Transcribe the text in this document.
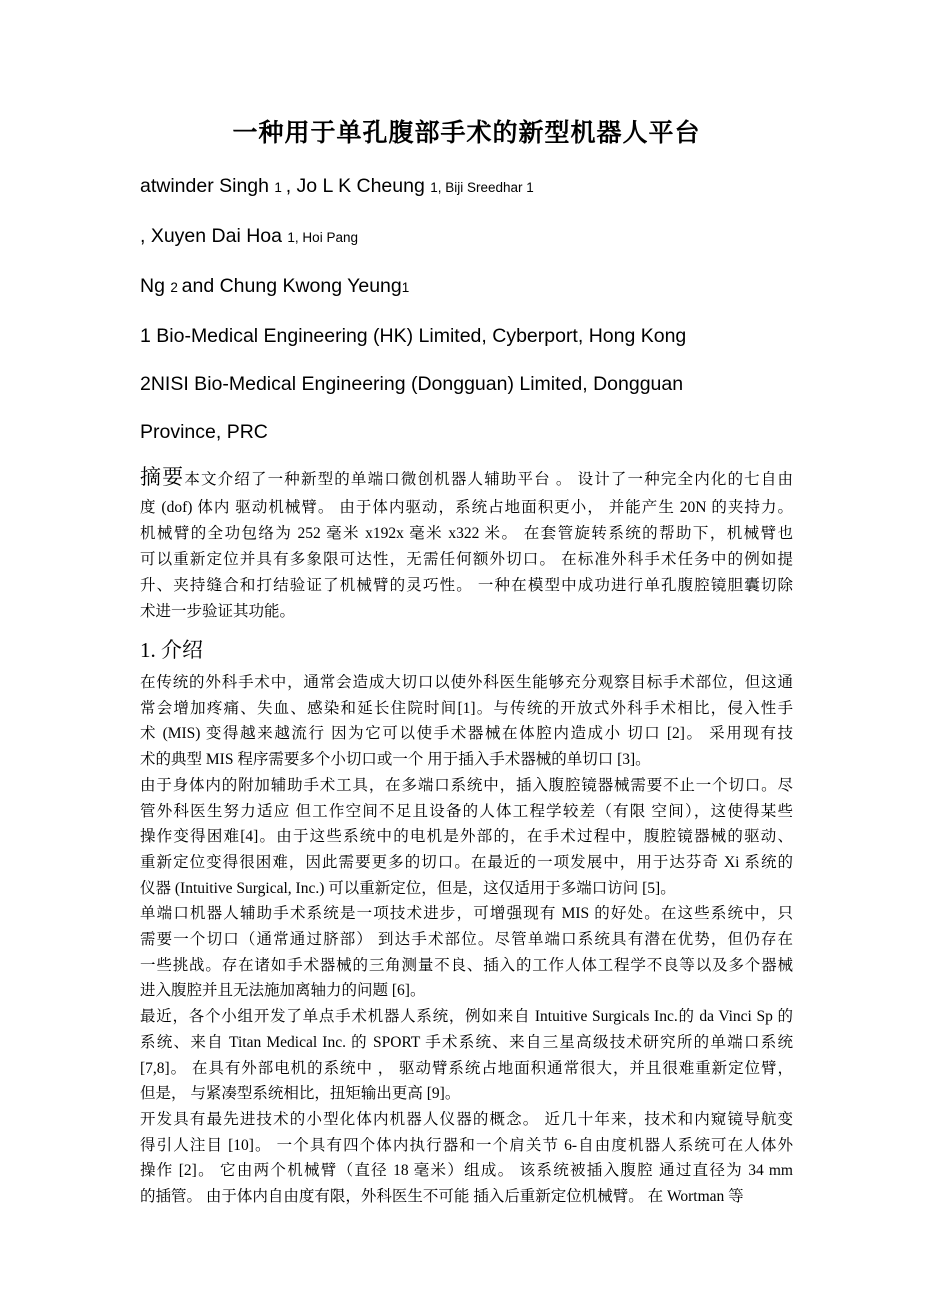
一种用于单孔腹部手术的新型机器人平台
atwinder Singh 1 , Jo L K Cheung 1, Biji Sreedhar 1
, Xuyen Dai Hoa 1, Hoi Pang
Ng 2 and Chung Kwong Yeung1
1 Bio-Medical Engineering (HK) Limited, Cyberport, Hong Kong
2NISI Bio-Medical Engineering (Dongguan) Limited, Dongguan
Province, PRC
摘要本文介绍了一种新型的单端口微创机器人辅助平台 。 设计了一种完全内化的七自由
度 (dof) 体内 驱动机械臂。 由于体内驱动，系统占地面积更小， 并能产生 20N 的夹持力。
机械臂的全功包络为 252 毫米 x192x 毫米 x322 米。 在套管旋转系统的帮助下，机械臂也
可以重新定位并具有多象限可达性，无需任何额外切口。 在标准外科手术任务中的例如提
升、夹持缝合和打结验证了机械臂的灵巧性。 一种在模型中成功进行单孔腹腔镜胆囊切除
术进一步验证其功能。
1. 介绍
在传统的外科手术中，通常会造成大切口以使外科医生能够充分观察目标手术部位，但这通
常会增加疼痛、失血、感染和延长住院时间[1]。与传统的开放式外科手术相比，侵入性手
术 (MIS) 变得越来越流行 因为它可以使手术器械在体腔内造成小 切口 [2]。 采用现有技
术的典型 MIS 程序需要多个小切口或一个 用于插入手术器械的单切口 [3]。
由于身体内的附加辅助手术工具，在多端口系统中，插入腹腔镜器械需要不止一个切口。尽
管外科医生努力适应 但工作空间不足且设备的人体工程学较差（有限 空间），这使得某些
操作变得困难[4]。由于这些系统中的电机是外部的，在手术过程中，腹腔镜器械的驱动、
重新定位变得很困难，因此需要更多的切口。在最近的一项发展中，用于达芬奇 Xi 系统的
仪器 (Intuitive Surgical, Inc.) 可以重新定位，但是，这仅适用于多端口访问 [5]。
单端口机器人辅助手术系统是一项技术进步，可增强现有 MIS 的好处。在这些系统中，只
需要一个切口（通常通过脐部） 到达手术部位。尽管单端口系统具有潜在优势，但仍存在
一些挑战。存在诸如手术器械的三角测量不良、插入的工作人体工程学不良等以及多个器械
进入腹腔并且无法施加离轴力的问题 [6]。
最近，各个小组开发了单点手术机器人系统，例如来自 Intuitive Surgicals Inc.的 da Vinci Sp 的
系统、来自 Titan Medical Inc. 的 SPORT 手术系统、来自三星高级技术研究所的单端口系统
[7,8]。 在具有外部电机的系统中 ， 驱动臂系统占地面积通常很大，并且很难重新定位臂，
但是， 与紧凑型系统相比，扭矩输出更高 [9]。
开发具有最先进技术的小型化体内机器人仪器的概念。 近几十年来，技术和内窥镜导航变
得引人注目 [10]。 一个具有四个体内执行器和一个肩关节 6-自由度机器人系统可在人体外
操作 [2]。 它由两个机械臂（直径 18 毫米）组成。 该系统被插入腹腔 通过直径为 34 mm
的插管。 由于体内自由度有限，外科医生不可能 插入后重新定位机械臂。 在 Wortman 等
